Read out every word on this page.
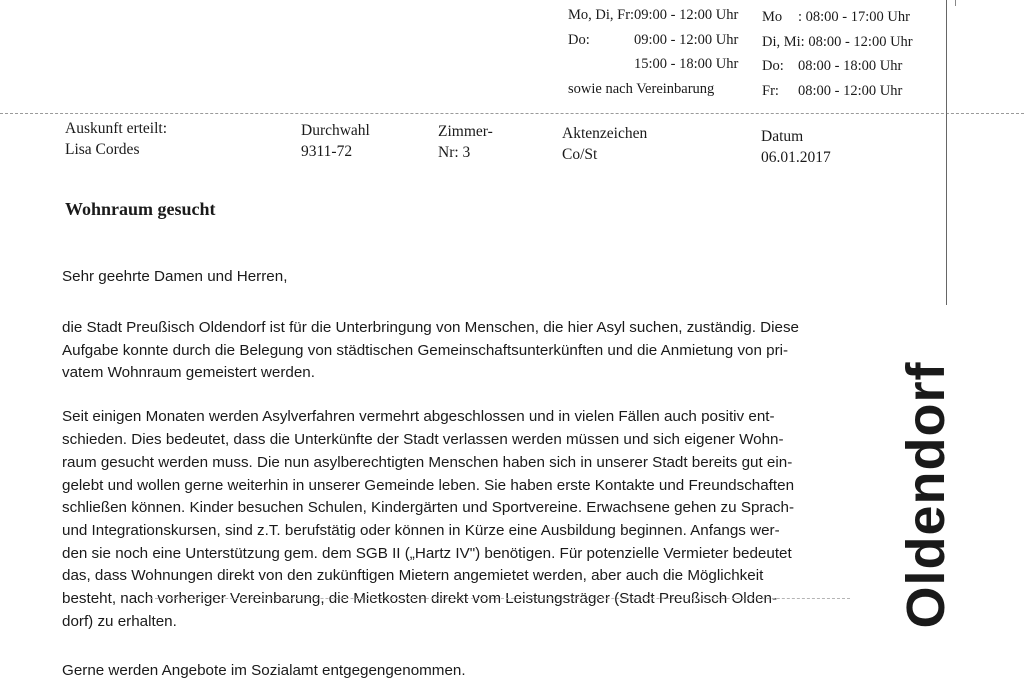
Mo, Di, Fr:09:00 - 12:00 Uhr
Do:	09:00 - 12:00 Uhr
15:00 - 18:00 Uhr
sowie nach Vereinbarung
Mo : 08:00 - 17:00 Uhr
Di, Mi: 08:00 - 12:00 Uhr
Do: 08:00 - 18:00 Uhr
Fr: 08:00 - 12:00 Uhr
Auskunft erteilt:
Lisa Cordes
Durchwahl
9311-72
Zimmer-
Nr: 3
Aktenzeichen
Co/St
Datum
06.01.2017
Wohnraum gesucht
Sehr geehrte Damen und Herren,
die Stadt Preußisch Oldendorf ist für die Unterbringung von Menschen, die hier Asyl suchen, zuständig. Diese
Aufgabe konnte durch die Belegung von städtischen Gemeinschaftsunterkünften und die Anmietung von pri-
vatem Wohnraum gemeistert werden.
Seit einigen Monaten werden Asylverfahren vermehrt abgeschlossen und in vielen Fällen auch positiv ent-
schieden. Dies bedeutet, dass die Unterkünfte der Stadt verlassen werden müssen und sich eigener Wohn-
raum gesucht werden muss. Die nun asylberechtigten Menschen haben sich in unserer Stadt bereits gut ein-
gelebt und wollen gerne weiterhin in unserer Gemeinde leben. Sie haben erste Kontakte und Freundschaften
schließen können. Kinder besuchen Schulen, Kindergärten und Sportvereine. Erwachsene gehen zu Sprach-
und Integrationskursen, sind z.T. berufstätig oder können in Kürze eine Ausbildung beginnen. Anfangs wer-
den sie noch eine Unterstützung gem. dem SGB II („Hartz IV") benötigen. Für potenzielle Vermieter bedeutet
das, dass Wohnungen direkt von den zukünftigen Mietern angemietet werden, aber auch die Möglichkeit
besteht, nach vorheriger Vereinbarung, die Mietkosten direkt vom Leistungsträger (Stadt Preußisch Olden-
dorf) zu erhalten.
Gerne werden Angebote im Sozialamt entgegengenommen.
Oldendorf
